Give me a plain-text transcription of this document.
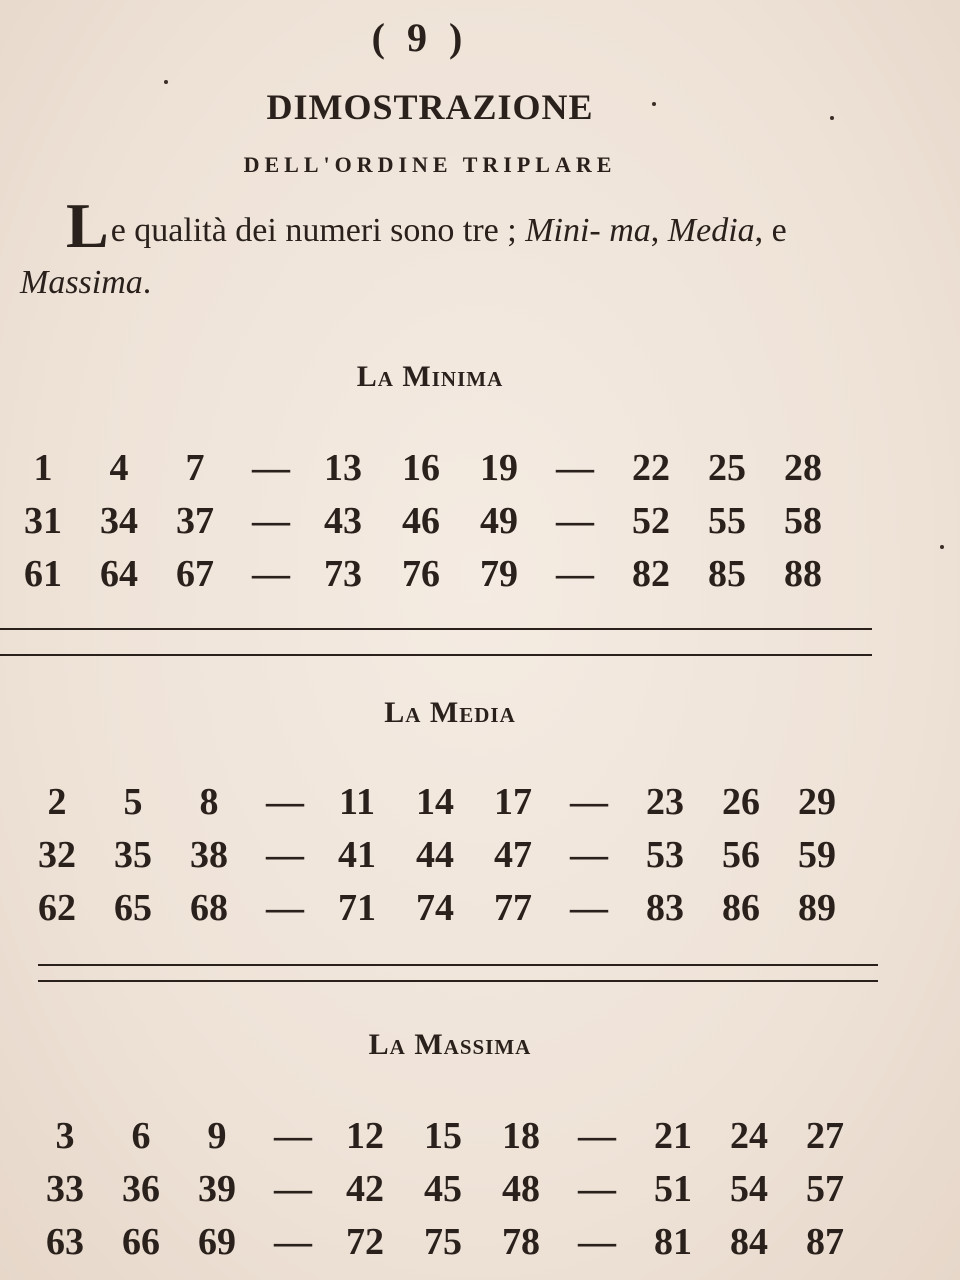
( 9 )
DIMOSTRAZIONE
DELL'ORDINE TRIPLARE
Le qualità dei numeri sono tre ; Mini- ma, Media, e Massima.
La Minima
1	4	7	— 13	16	19	—	22	25	28
31	34	37	— 43	46	49	—	52	55	58
61	64	67	— 73	76	79	—	82	85	88
La Media
2	5	8	— 11	14	17	—	23	26	29
32	35	38	— 41	44	47	—	53	56	59
62	65	68	— 71	74	77	—	83	86	89
La Massima
3	6	9	— 12	15	18	—	21	24	27
33	36	39	— 42	45	48	—	51	54	57
63	66	69	— 72	75	78	—	81	84	87
